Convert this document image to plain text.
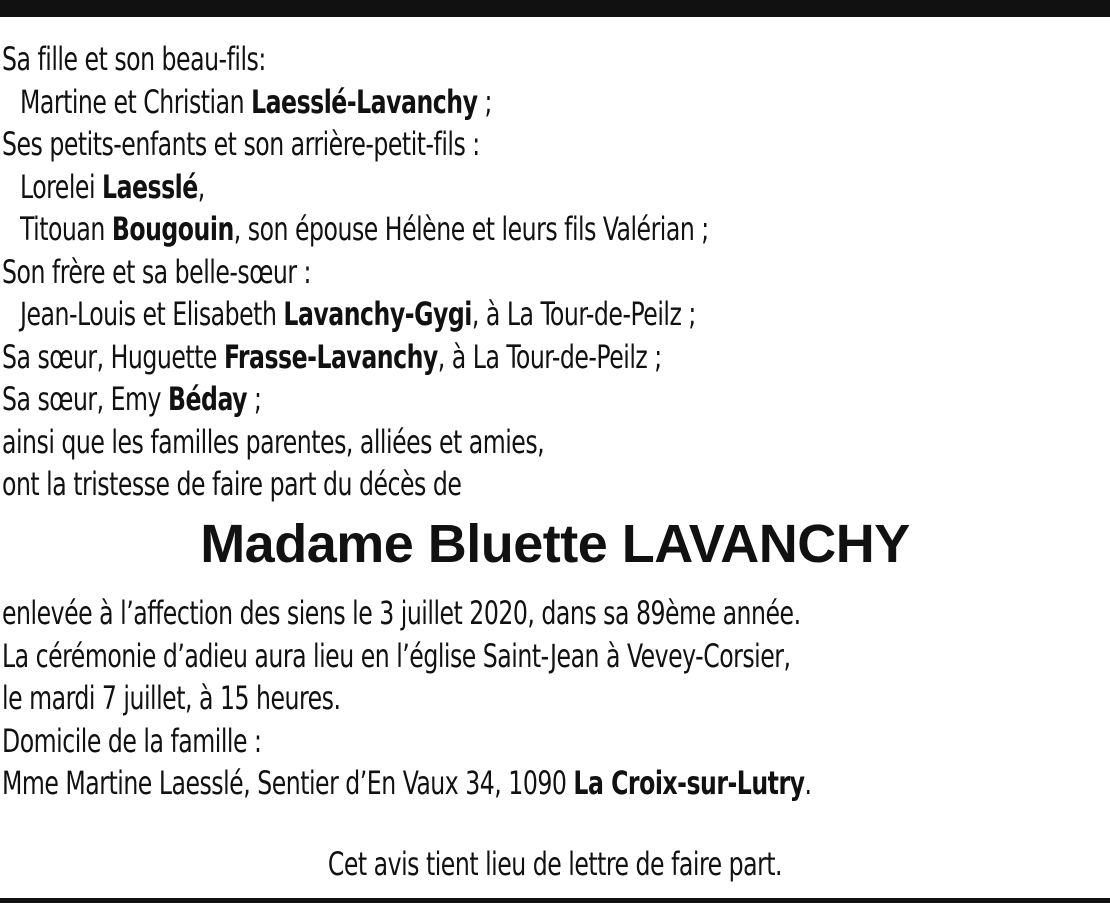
Sa fille et son beau-fils:
Martine et Christian Laesslé-Lavanchy ;
Ses petits-enfants et son arrière-petit-fils :
Lorelei Laesslé,
Titouan Bougouin, son épouse Hélène et leurs fils Valérian ;
Son frère et sa belle-sœur :
Jean-Louis et Elisabeth Lavanchy-Gygi, à La Tour-de-Peilz ;
Sa sœur, Huguette Frasse-Lavanchy, à La Tour-de-Peilz ;
Sa sœur, Emy Béday ;
ainsi que les familles parentes, alliées et amies,
ont la tristesse de faire part du décès de
Madame Bluette LAVANCHY
enlevée à l’affection des siens le 3 juillet 2020, dans sa 89ème année.
La cérémonie d’adieu aura lieu en l’église Saint-Jean à Vevey-Corsier,
le mardi 7 juillet, à 15 heures.
Domicile de la famille :
Mme Martine Laesslé, Sentier d’En Vaux 34, 1090 La Croix-sur-Lutry.
Cet avis tient lieu de lettre de faire part.
